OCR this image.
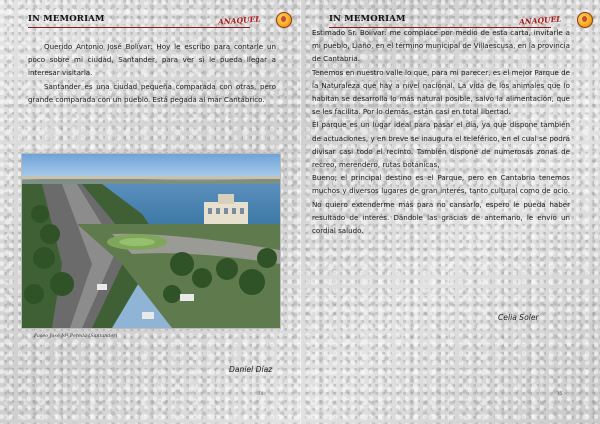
IN MEMORIAM	ANAQUEL

Querido Antonio José Bolívar: Hoy le escribo para contarle un poco sobre mi ciudad, Santander, para ver si le pueda llegar a interesar visitarla.

Santander es una ciudad pequeña comparada con otras, pero grande comparada con un pueblo. Está pegada al mar Cantábrico.

Paseo José Mª Pereda (Santander)
Daniel Díaz
74
IN MEMORIAM	ANAQUEL

Estimado Sr. Bolívar: me complace por medio de esta carta, invitarle a mi pueblo, Liaño, en el término municipal de Villaescusa, en la provincia de Cantabria.

Tenemos en nuestro valle lo que, para mi parecer, es el mejor Parque de la Naturaleza que hay a nivel nacional. La vida de los animales que lo habitan se desarrolla lo más natural posible, salvo la alimentación, que se les facilita. Por lo demás, están casi en total libertad.

El parque es un lugar ideal para pasar el día, ya que dispone también de actuaciones, y en breve se inaugura el teleférico, en el cual se podrá divisar casi todo el recinto. También dispone de numerosas zonas de recreo, merendero, rutas botánicas,

Bueno; el principal destino es el Parque, pero en Cantabria tenemos muchos y diversos lugares de gran interés, tanto cultural como de ocio. No quiero extenderme más para no cansarlo, espero le pueda haber resultado de interés. Dándole las gracias de antemano, le envío un cordial saludo.

Celia Soler
75
